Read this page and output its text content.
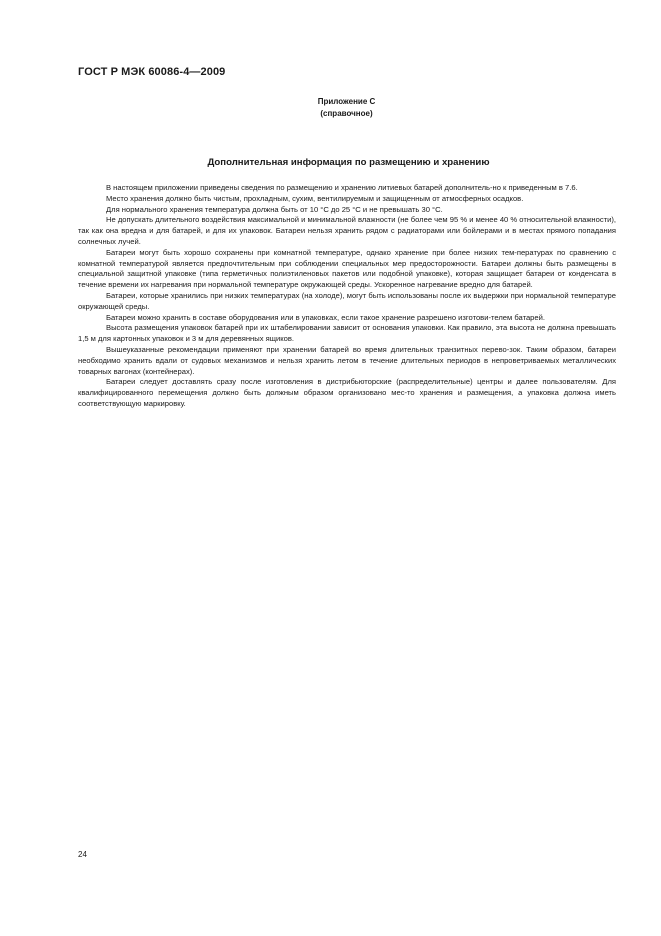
ГОСТ Р МЭК 60086-4—2009
Приложение С
(справочное)
Дополнительная информация по размещению и хранению

В настоящем приложении приведены сведения по размещению и хранению литиевых батарей дополнитель-но к приведенным в 7.6.

Место хранения должно быть чистым, прохладным, сухим, вентилируемым и защищенным от атмосферных осадков.

Для нормального хранения температура должна быть от 10 °С до 25 °С и не превышать 30 °С.

Не допускать длительного воздействия максимальной и минимальной влажности (не более чем 95 % и менее 40 % относительной влажности), так как она вредна и для батарей, и для их упаковок. Батареи нельзя хранить рядом с радиаторами или бойлерами и в местах прямого попадания солнечных лучей.

Батареи могут быть хорошо сохранены при комнатной температуре, однако хранение при более низких тем-пературах по сравнению с комнатной температурой является предпочтительным при соблюдении специальных мер предосторожности. Батареи должны быть размещены в специальной защитной упаковке (типа герметичных полиэтиленовых пакетов или подобной упаковке), которая защищает батареи от конденсата в течение времени их нагревания при нормальной температуре окружающей среды. Ускоренное нагревание вредно для батарей.

Батареи, которые хранились при низких температурах (на холоде), могут быть использованы после их выдержки при нормальной температуре окружающей среды.

Батареи можно хранить в составе оборудования или в упаковках, если такое хранение разрешено изготови-телем батарей.

Высота размещения упаковок батарей при их штабелировании зависит от основания упаковки. Как правило, эта высота не должна превышать 1,5 м для картонных упаковок и 3 м для деревянных ящиков.

Вышеуказанные рекомендации применяют при хранении батарей во время длительных транзитных перево-зок. Таким образом, батареи необходимо хранить вдали от судовых механизмов и нельзя хранить летом в течение длительных периодов в непроветриваемых металлических товарных вагонах (контейнерах).

Батареи следует доставлять сразу после изготовления в дистрибьюторские (распределительные) центры и далее пользователям. Для квалифицированного перемещения должно быть должным образом организовано мес-то хранения и размещения, а упаковка должна иметь соответствующую маркировку.

24
